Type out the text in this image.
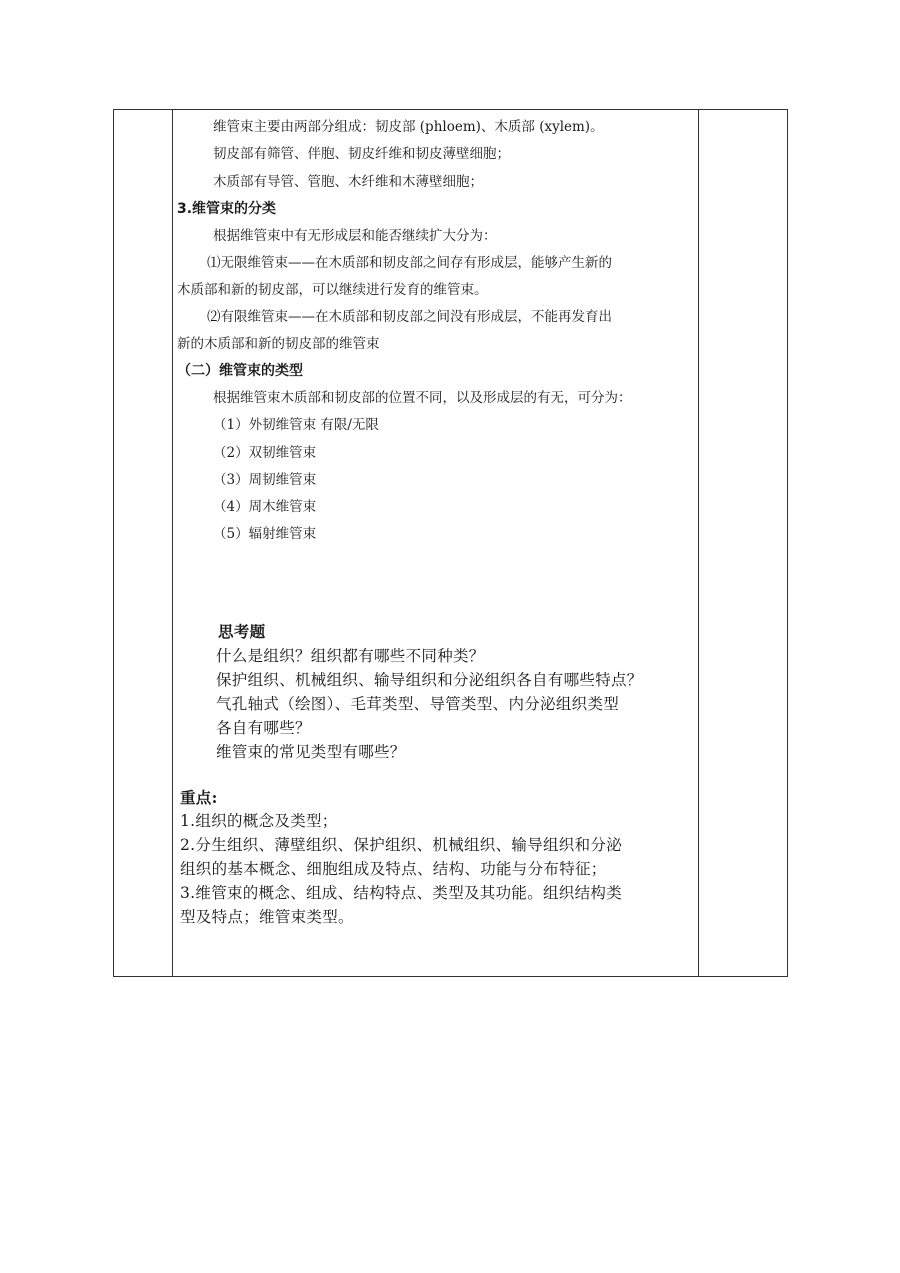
维管束主要由两部分组成：韧皮部 (phloem)、木质部 (xylem)。
韧皮部有筛管、伴胞、韧皮纤维和韧皮薄壁细胞；
木质部有导管、管胞、木纤维和木薄壁细胞；
3.维管束的分类
根据维管束中有无形成层和能否继续扩大分为：
⑴无限维管束——在木质部和韧皮部之间存有形成层，能够产生新的
木质部和新的韧皮部，可以继续进行发育的维管束。
⑵有限维管束——在木质部和韧皮部之间没有形成层，不能再发育出
新的木质部和新的韧皮部的维管束
（二）维管束的类型
根据维管束木质部和韧皮部的位置不同，以及形成层的有无，可分为：
（1）外韧维管束 有限/无限
（2）双韧维管束
（3）周韧维管束
（4）周木维管束
（5）辐射维管束
思考题
什么是组织？组织都有哪些不同种类？
保护组织、机械组织、输导组织和分泌组织各自有哪些特点？
气孔轴式（绘图）、毛茸类型、导管类型、内分泌组织类型
各自有哪些？
维管束的常见类型有哪些？
重点:
1.组织的概念及类型；
2.分生组织、薄壁组织、保护组织、机械组织、输导组织和分泌
组织的基本概念、细胞组成及特点、结构、功能与分布特征；
3.维管束的概念、组成、结构特点、类型及其功能。组织结构类
型及特点；维管束类型。
